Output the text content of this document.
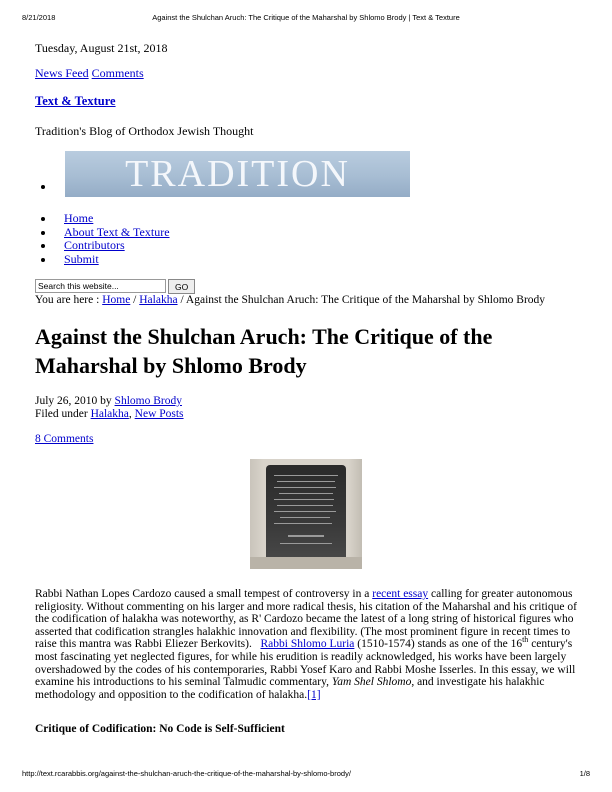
8/21/2018	Against the Shulchan Aruch: The Critique of the Maharshal by Shlomo Brody | Text & Texture
Tuesday, August 21st, 2018
News Feed Comments
Text & Texture
Tradition's Blog of Orthodox Jewish Thought
TRADITION
Home
About Text & Texture
Contributors
Submit
Search this website...
GO
You are here : Home / Halakha / Against the Shulchan Aruch: The Critique of the Maharshal by Shlomo Brody
Against the Shulchan Aruch: The Critique of the Maharshal by Shlomo Brody
July 26, 2010 by Shlomo Brody
Filed under Halakha, New Posts
8 Comments

Rabbi Nathan Lopes Cardozo caused a small tempest of controversy in a recent essay calling for greater autonomous religiosity. Without commenting on his larger and more radical thesis, his citation of the Maharshal and his critique of the codification of halakha was noteworthy, as R' Cardozo became the latest of a long string of historical figures who asserted that codification strangles halakhic innovation and flexibility. (The most prominent figure in recent times to raise this mantra was Rabbi Eliezer Berkovits). Rabbi Shlomo Luria (1510-1574) stands as one of the 16th century's most fascinating yet neglected figures, for while his erudition is readily acknowledged, his works have been largely overshadowed by the codes of his contemporaries, Rabbi Yosef Karo and Rabbi Moshe Isserles. In this essay, we will examine his introductions to his seminal Talmudic commentary, Yam Shel Shlomo, and investigate his halakhic methodology and opposition to the codification of halakha.[1]

Critique of Codification: No Code is Self-Sufficient
http://text.rcarabbis.org/against-the-shulchan-aruch-the-critique-of-the-maharshal-by-shlomo-brody/	1/8
